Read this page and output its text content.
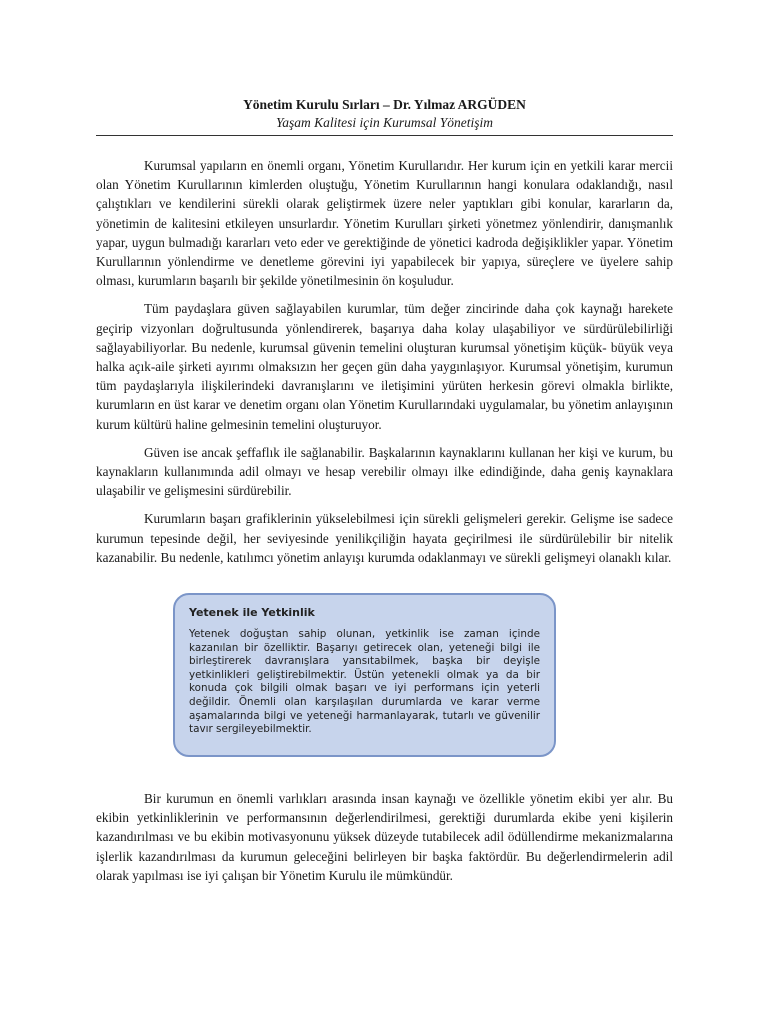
Yönetim Kurulu Sırları – Dr. Yılmaz ARGÜDEN

Yaşam Kalitesi için Kurumsal Yönetişim

Kurumsal yapıların en önemli organı, Yönetim Kurullarıdır. Her kurum için en yetkili karar mercii olan Yönetim Kurullarının kimlerden oluştuğu, Yönetim Kurullarının hangi konulara odaklandığı, nasıl çalıştıkları ve kendilerini sürekli olarak geliştirmek üzere neler yaptıkları gibi konular, kararların da, yönetimin de kalitesini etkileyen unsurlardır. Yönetim Kurulları şirketi yönetmez yönlendirir, danışmanlık yapar, uygun bulmadığı kararları veto eder ve gerektiğinde de yönetici kadroda değişiklikler yapar. Yönetim Kurullarının yönlendirme ve denetleme görevini iyi yapabilecek bir yapıya, süreçlere ve üyelere sahip olması, kurumların başarılı bir şekilde yönetilmesinin ön koşuludur.

Tüm paydaşlara güven sağlayabilen kurumlar, tüm değer zincirinde daha çok kaynağı harekete geçirip vizyonları doğrultusunda yönlendirerek, başarıya daha kolay ulaşabiliyor ve sürdürülebilirliği sağlayabiliyorlar. Bu nedenle, kurumsal güvenin temelini oluşturan kurumsal yönetişim küçük- büyük veya halka açık-aile şirketi ayırımı olmaksızın her geçen gün daha yaygınlaşıyor. Kurumsal yönetişim, kurumun tüm paydaşlarıyla ilişkilerindeki davranışlarını ve iletişimini yürüten herkesin görevi olmakla birlikte, kurumların en üst karar ve denetim organı olan Yönetim Kurullarındaki uygulamalar, bu yönetim anlayışının kurum kültürü haline gelmesinin temelini oluşturuyor.

Güven ise ancak şeffaflık ile sağlanabilir. Başkalarının kaynaklarını kullanan her kişi ve kurum, bu kaynakların kullanımında adil olmayı ve hesap verebilir olmayı ilke edindiğinde, daha geniş kaynaklara ulaşabilir ve gelişmesini sürdürebilir.

Kurumların başarı grafiklerinin yükselebilmesi için sürekli gelişmeleri gerekir. Gelişme ise sadece kurumun tepesinde değil, her seviyesinde yenilikçiliğin hayata geçirilmesi ile sürdürülebilir bir nitelik kazanabilir. Bu nedenle, katılımcı yönetim anlayışı kurumda odaklanmayı ve sürekli gelişmeyi olanaklı kılar.

Yetenek ile Yetkinlik

Yetenek doğuştan sahip olunan, yetkinlik ise zaman içinde kazanılan bir özelliktir. Başarıyı getirecek olan, yeteneği bilgi ile birleştirerek davranışlara yansıtabilmek, başka bir deyişle yetkinlikleri geliştirebilmektir. Üstün yetenekli olmak ya da bir konuda çok bilgili olmak başarı ve iyi performans için yeterli değildir. Önemli olan karşılaşılan durumlarda ve karar verme aşamalarında bilgi ve yeteneği harmanlayarak, tutarlı ve güvenilir tavır sergileyebilmektir.

Bir kurumun en önemli varlıkları arasında insan kaynağı ve özellikle yönetim ekibi yer alır. Bu ekibin yetkinliklerinin ve performansının değerlendirilmesi, gerektiği durumlarda ekibe yeni kişilerin kazandırılması ve bu ekibin motivasyonunu yüksek düzeyde tutabilecek adil ödüllendirme mekanizmalarına işlerlik kazandırılması da kurumun geleceğini belirleyen bir başka faktördür. Bu değerlendirmelerin adil olarak yapılması ise iyi çalışan bir Yönetim Kurulu ile mümkündür.
